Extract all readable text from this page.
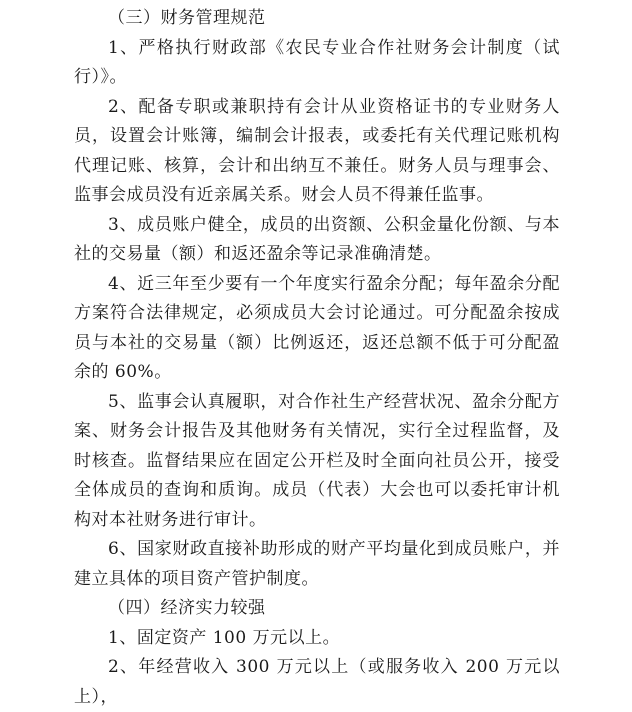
（三）财务管理规范

1、严格执行财政部《农民专业合作社财务会计制度（试行）》。

2、配备专职或兼职持有会计从业资格证书的专业财务人员，设置会计账簿，编制会计报表，或委托有关代理记账机构代理记账、核算，会计和出纳互不兼任。财务人员与理事会、监事会成员没有近亲属关系。财会人员不得兼任监事。

3、成员账户健全，成员的出资额、公积金量化份额、与本社的交易量（额）和返还盈余等记录准确清楚。

4、近三年至少要有一个年度实行盈余分配；每年盈余分配方案符合法律规定，必须成员大会讨论通过。可分配盈余按成员与本社的交易量（额）比例返还，返还总额不低于可分配盈余的 60%。

5、监事会认真履职，对合作社生产经营状况、盈余分配方案、财务会计报告及其他财务有关情况，实行全过程监督，及时核查。监督结果应在固定公开栏及时全面向社员公开，接受全体成员的查询和质询。成员（代表）大会也可以委托审计机构对本社财务进行审计。

6、国家财政直接补助形成的财产平均量化到成员账户，并建立具体的项目资产管护制度。

（四）经济实力较强

1、固定资产 100 万元以上。

2、年经营收入 300 万元以上（或服务收入 200 万元以上），
